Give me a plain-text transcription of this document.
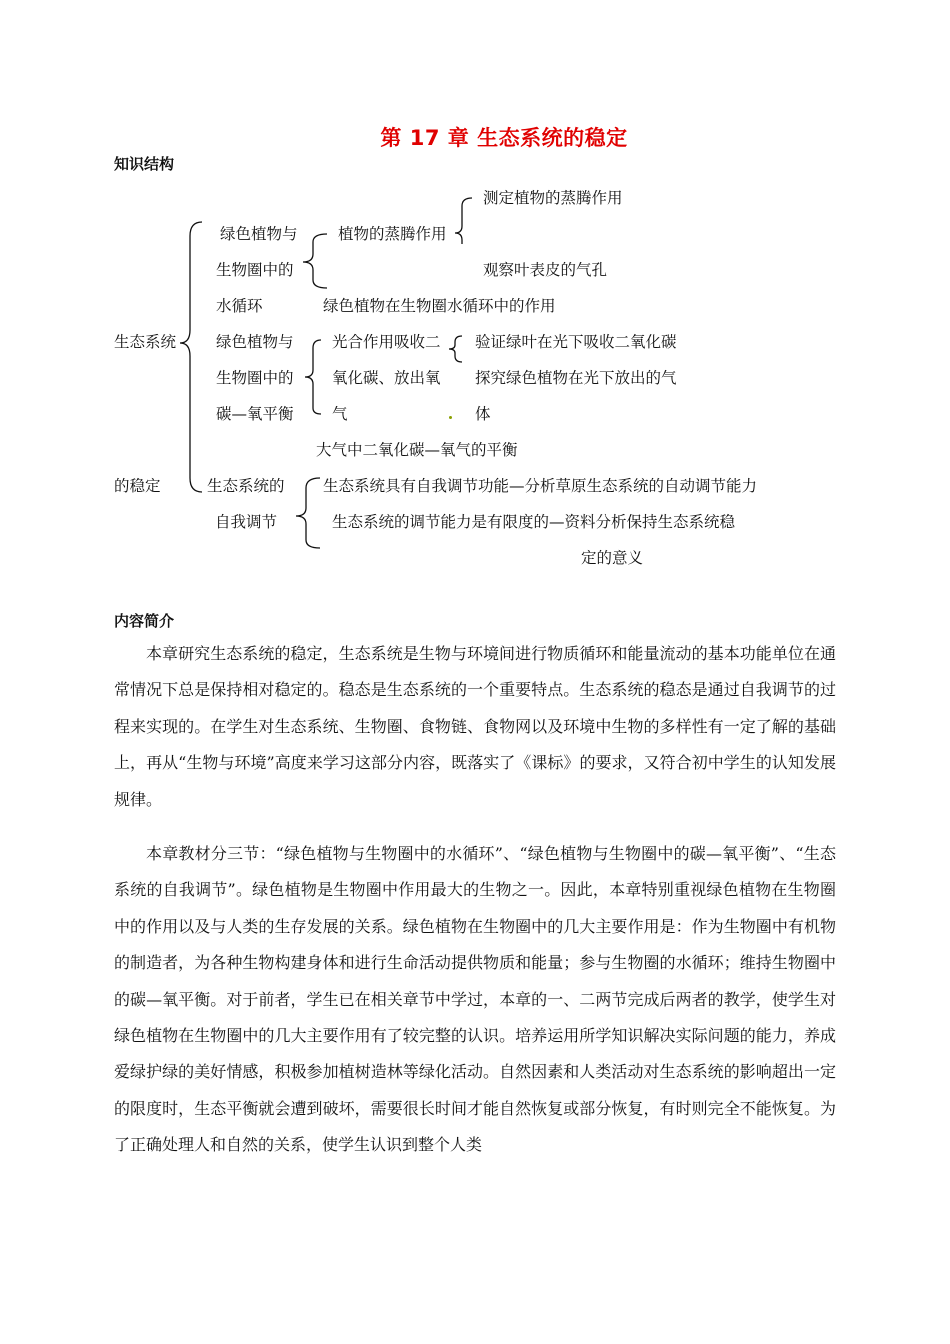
第 17 章 生态系统的稳定
知识结构
生态系统
的稳定
绿色植物与
生物圈中的
水循环
植物的蒸腾作用
测定植物的蒸腾作用
观察叶表皮的气孔
绿色植物在生物圈水循环中的作用
绿色植物与
生物圈中的
碳—氧平衡
光合作用吸收二
氧化碳、放出氧
气
验证绿叶在光下吸收二氧化碳
探究绿色植物在光下放出的气
体
大气中二氧化碳—氧气的平衡
生态系统的
自我调节
生态系统具有自我调节功能—分析草原生态系统的自动调节能力
生态系统的调节能力是有限度的—资料分析保持生态系统稳
定的意义
内容简介

本章研究生态系统的稳定，生态系统是生物与环境间进行物质循环和能量流动的基本功能单位在通常情况下总是保持相对稳定的。稳态是生态系统的一个重要特点。生态系统的稳态是通过自我调节的过程来实现的。在学生对生态系统、生物圈、食物链、食物网以及环境中生物的多样性有一定了解的基础上，再从“生物与环境”高度来学习这部分内容，既落实了《课标》的要求，又符合初中学生的认知发展规律。

本章教材分三节：“绿色植物与生物圈中的水循环”、“绿色植物与生物圈中的碳—氧平衡”、“生态系统的自我调节”。绿色植物是生物圈中作用最大的生物之一。因此，本章特别重视绿色植物在生物圈中的作用以及与人类的生存发展的关系。绿色植物在生物圈中的几大主要作用是：作为生物圈中有机物的制造者，为各种生物构建身体和进行生命活动提供物质和能量；参与生物圈的水循环；维持生物圈中的碳—氧平衡。对于前者，学生已在相关章节中学过，本章的一、二两节完成后两者的教学，使学生对绿色植物在生物圈中的几大主要作用有了较完整的认识。培养运用所学知识解决实际问题的能力，养成爱绿护绿的美好情感，积极参加植树造林等绿化活动。自然因素和人类活动对生态系统的影响超出一定的限度时，生态平衡就会遭到破坏，需要很长时间才能自然恢复或部分恢复，有时则完全不能恢复。为了正确处理人和自然的关系，使学生认识到整个人类
